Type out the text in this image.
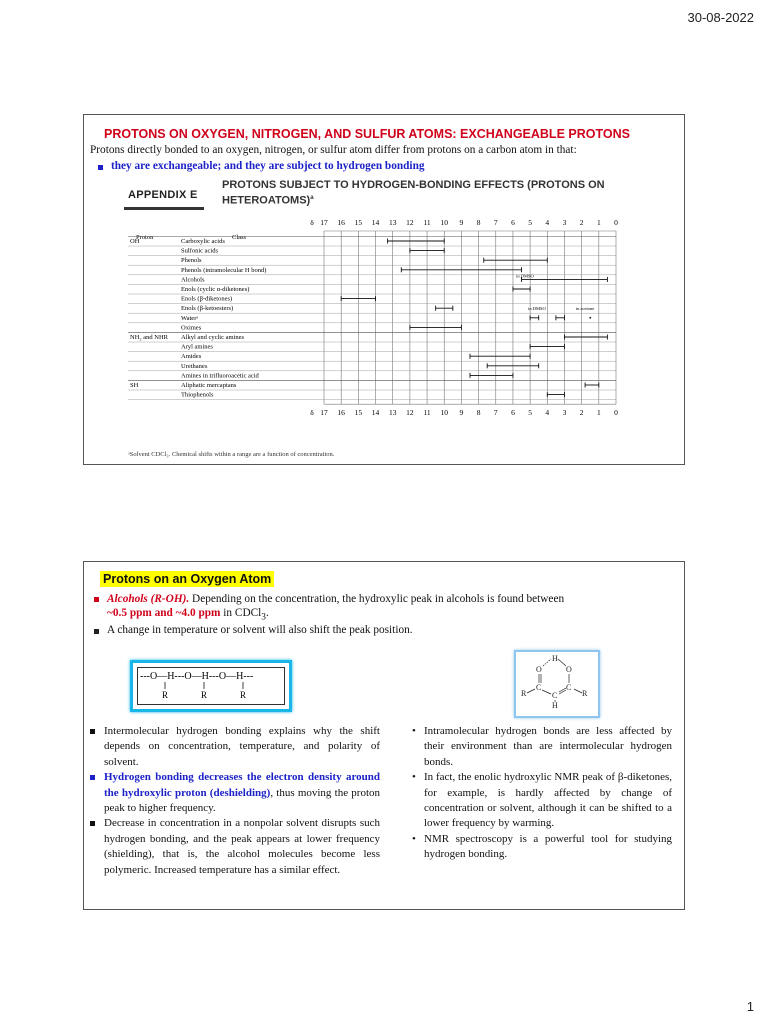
30-08-2022
PROTONS ON OXYGEN, NITROGEN, AND SULFUR ATOMS: EXCHANGEABLE PROTONS
Protons directly bonded to an oxygen, nitrogen, or sulfur atom differ from protons on a carbon atom in that:
they are exchangeable; and they are subject to hydrogen bonding
APPENDIX E
PROTONS SUBJECT TO HYDROGEN-BONDING EFFECTS (PROTONS ON HETEROATOMS)$^a$
δ
δ
17
17
16
16
15
15
14
14
13
13
12
12
11
11
10
10
9
9
8
8
7
7
6
6
5
5
4
4
3
3
2
2
1
1
0
0
Proton	Class
OH	Carboxylic acids
Sulfonic acids
Phenols
Phenols (intramolecular H bond)
Alcohols
Enols (cyclic α-diketones)
Enols (β-diketones)
Enols (β-ketoesters)
Waterᵃ
Oximes
NH₂ and NHR Alkyl and cyclic amines
Aryl amines
Amides
Urethanes
Amines in trifluoroacetic acid
SH	Aliphatic mercaptans
Thiophenols
in DMSO
in DMSO	in acetone
ᵃSolvent CDCl₃. Chemical shifts within a range are a function of concentration.
Protons on an Oxygen Atom
Alcohols (R-OH). Depending on the concentration, the hydroxylic peak in alcohols is found between
~0.5 ppm and ~4.0 ppm in CDCl$_3$.
A change in temperature or solvent will also shift the peak position.
---O—H---O—H---O—H---
R	R	R
H
O	O
C	C
R	R
C
H
Intermolecular hydrogen bonding explains why the shift depends on concentration, temperature, and polarity of solvent.
Hydrogen bonding decreases the electron density around the hydroxylic proton (deshielding), thus moving the proton peak to higher frequency.
Decrease in concentration in a nonpolar solvent disrupts such hydrogen bonding, and the peak appears at lower frequency (shielding), that is, the alcohol molecules become less polymeric. Increased temperature has a similar effect.
• Intramolecular hydrogen bonds are less affected by their environment than are intermolecular hydrogen bonds.
• In fact, the enolic hydroxylic NMR peak of β-diketones, for example, is hardly affected by change of concentration or solvent, although it can be shifted to a lower frequency by warming.
• NMR spectroscopy is a powerful tool for studying hydrogen bonding.
1
